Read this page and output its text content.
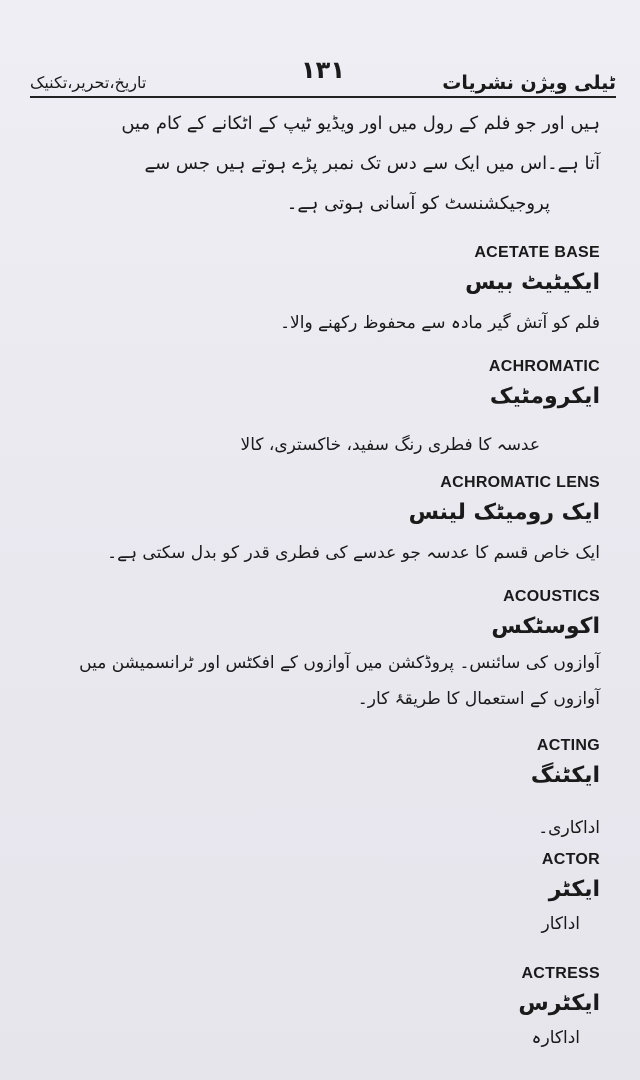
تاریخ،تحریر،تکنیک	١٣١	ٹیلی ویژن نشریات

ہیں اور جو فلم کے رول میں اور ویڈیو ٹیپ کے اٹکانے کے کام میں
آتا ہے۔اس میں ایک سے دس تک نمبر پڑے ہوتے ہیں جس سے

پروجیکشنسٹ کو آسانی ہوتی ہے۔

ACETATE BASE
ایکیٹیٹ بیس
فلم کو آتش گیر مادہ سے محفوظ رکھنے والا۔
ACHROMATIC
ایکرومٹیک
عدسہ کا فطری رنگ سفید، خاکستری، کالا
ACHROMATIC LENS
ایک رومیٹک لینس
ایک خاص قسم کا عدسہ جو عدسے کی فطری قدر کو بدل سکتی ہے۔
ACOUSTICS
اکوسٹکس
آوازوں کی سائنس۔ پروڈکشن میں آوازوں کے افکٹس اور ٹرانسمیشن میں
آوازوں کے استعمال کا طریقۂ کار۔
ACTING
ایکٹنگ
اداکاری۔
ACTOR
ایکٹر
اداکار
ACTRESS
ایکٹرس
اداکارہ
